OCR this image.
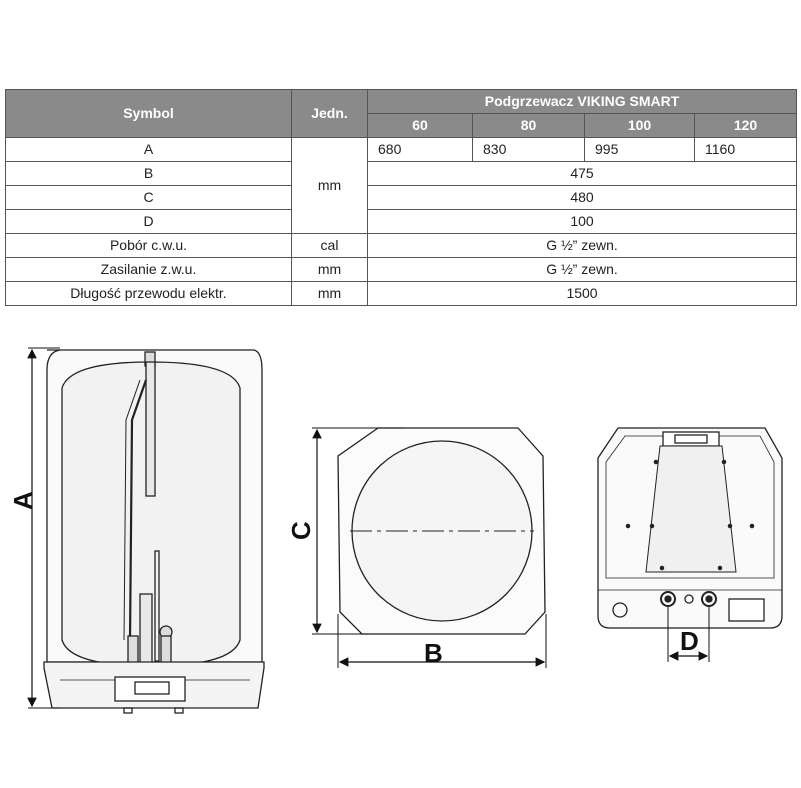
Symbol	Jedn.	Podgrzewacz VIKING SMART			
		60	80	100	120
A	mm	680	830	995	1160
B		475			
C		480			
D		100			
Pobór c.w.u.	cal	G ½” zewn.			
Zasilanie z.w.u.	mm	G ½” zewn.			
Długość przewodu elektr.	mm	1500			
A
C
B	D
